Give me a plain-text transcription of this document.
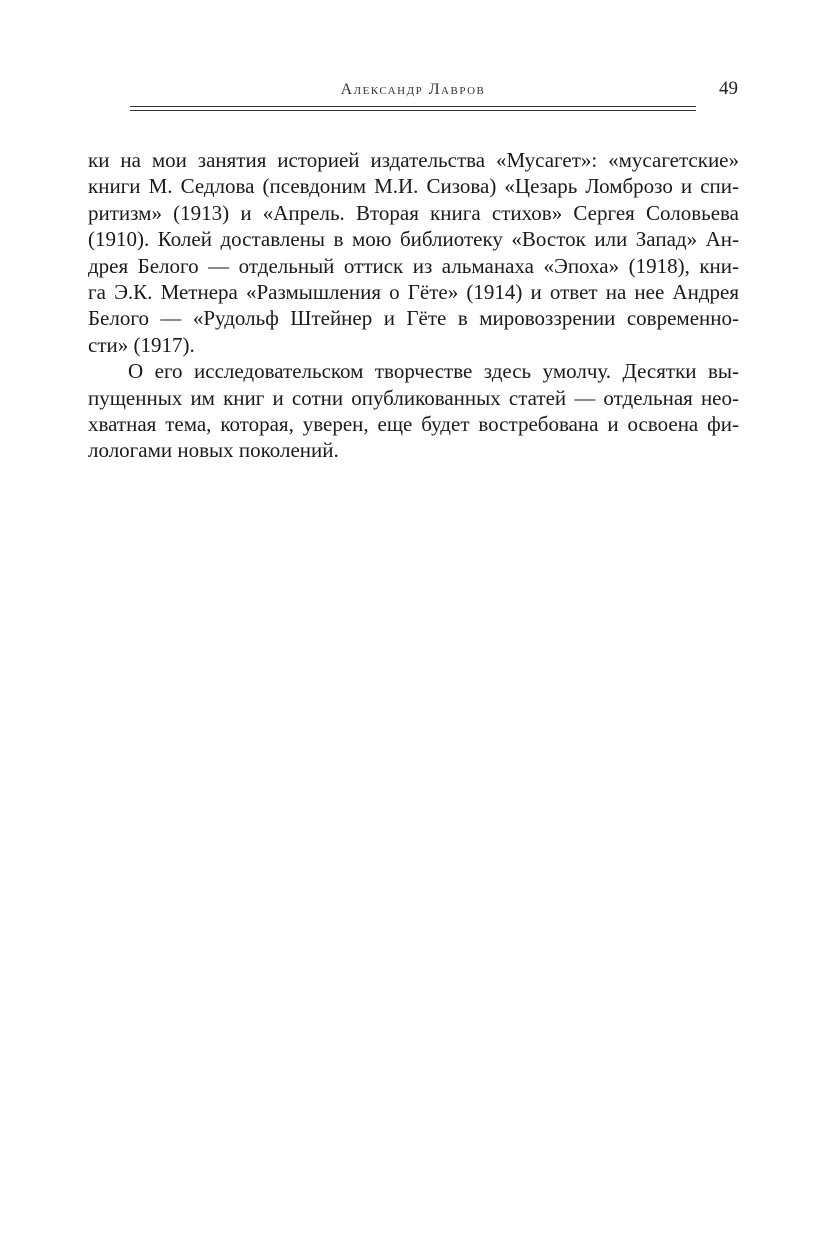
Александр Лавров	49
ки на мои занятия историей издательства «Мусагет»: «мусагетские»
книги М. Седлова (псевдоним М.И. Сизова) «Цезарь Ломброзо и спи-
ритизм» (1913) и «Апрель. Вторая книга стихов» Сергея Соловьева
(1910). Колей доставлены в мою библиотеку «Восток или Запад» Ан-
дрея Белого — отдельный оттиск из альманаха «Эпоха» (1918), кни-
га Э.К. Метнера «Размышления о Гёте» (1914) и ответ на нее Андрея
Белого — «Рудольф Штейнер и Гёте в мировоззрении современно-
сти» (1917).
О его исследовательском творчестве здесь умолчу. Десятки вы-
пущенных им книг и сотни опубликованных статей — отдельная нео-
хватная тема, которая, уверен, еще будет востребована и освоена фи-
лологами новых поколений.
